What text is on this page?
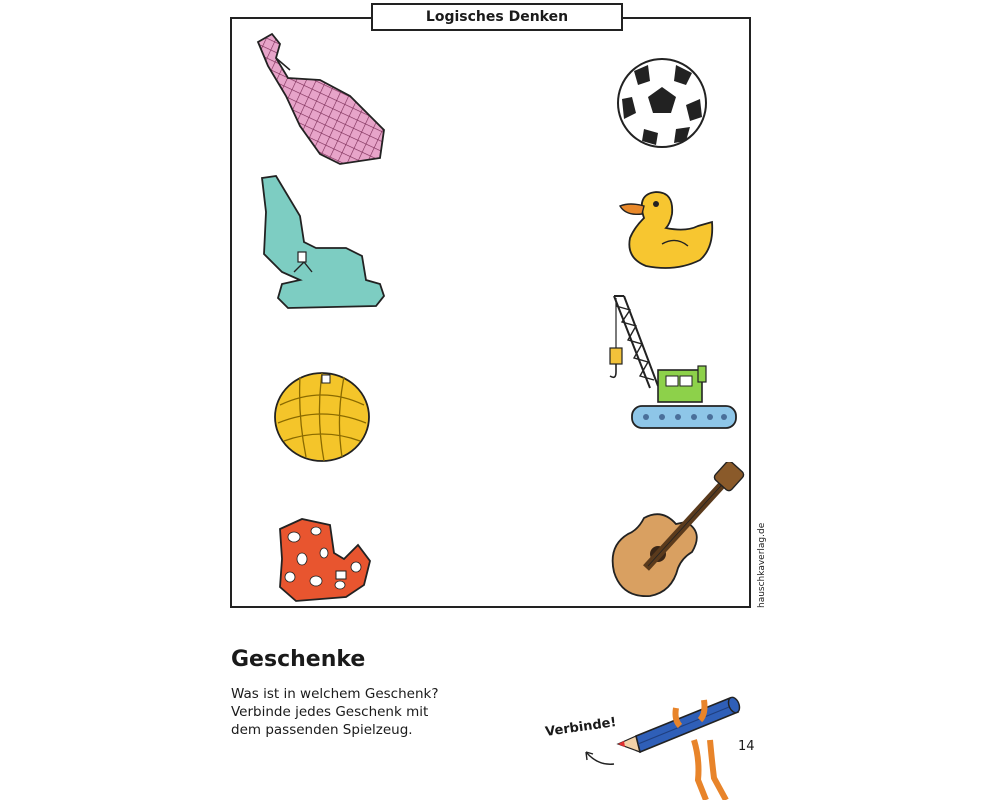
Logisches Denken
hauschkaverlag.de
Geschenke
Was ist in welchem Geschenk?
Verbinde jedes Geschenk mit
dem passenden Spielzeug.	Verbinde!
14
